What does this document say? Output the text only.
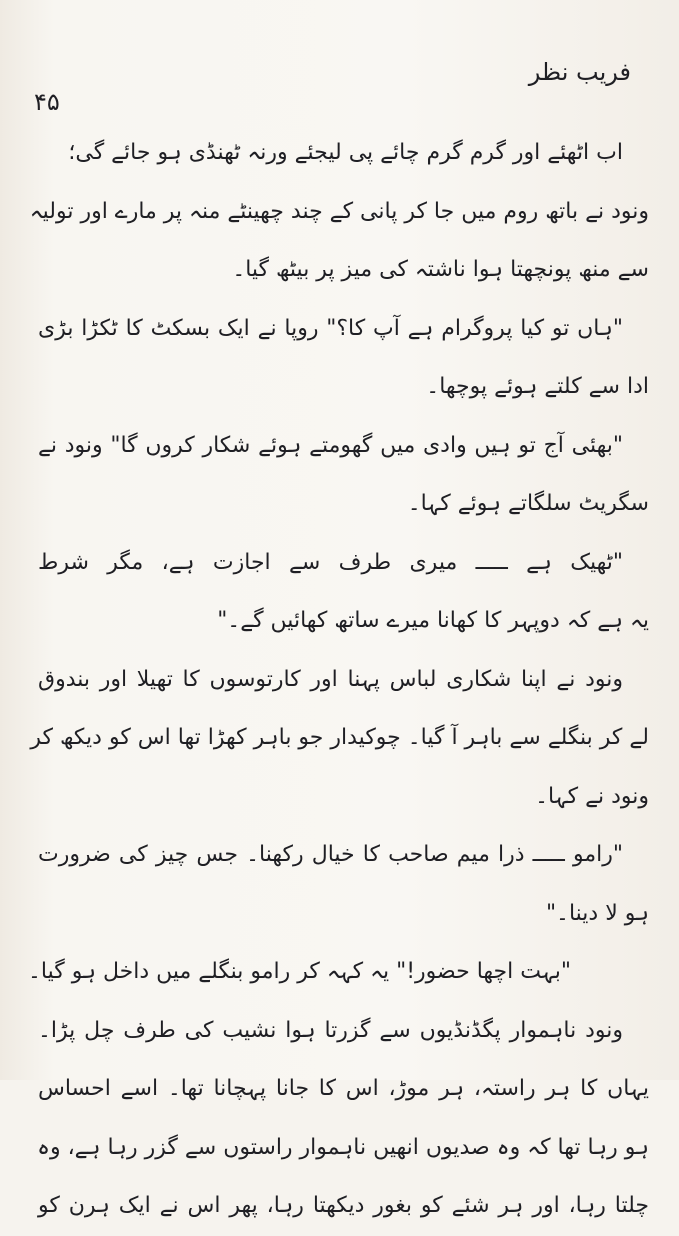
فریب نظر
۴۵
اب اٹھئے اور گرم گرم چائے پی لیجئے ورنہ ٹھنڈی ہو جائے گی؛
ونود نے باتھ روم میں جا کر پانی کے چند چھینٹے منہ پر مارے اور تولیہ
سے منھ پونچھتا ہوا ناشتہ کی میز پر بیٹھ گیا۔
"ہاں تو کیا پروگرام ہے آپ کا؟" روپا نے ایک بسکٹ کا ٹکڑا بڑی
ادا سے کلتے ہوئے پوچھا۔
"بھئی آج تو ہیں وادی میں گھومتے ہوئے شکار کروں گا" ونود نے
سگریٹ سلگاتے ہوئے کہا۔
"ٹھیک ہے ـــــ میری طرف سے اجازت ہے، مگر شرط
یہ ہے کہ دوپہر کا کھانا میرے ساتھ کھائیں گے۔"
ونود نے اپنا شکاری لباس پہنا اور کارتوسوں کا تھیلا اور بندوق
لے کر بنگلے سے باہر آ گیا۔ چوکیدار جو باہر کھڑا تھا اس کو دیکھ کر
ونود نے کہا۔
"رامو ـــــ ذرا میم صاحب کا خیال رکھنا۔ جس چیز کی ضرورت
ہو لا دینا۔"
"بہت اچھا حضور!" یہ کہہ کر رامو بنگلے میں داخل ہو گیا۔
ونود ناہموار پگڈنڈیوں سے گزرتا ہوا نشیب کی طرف چل پڑا۔
یہاں کا ہر راستہ، ہر موڑ، اس کا جانا پہچانا تھا۔ اسے احساس
ہو رہا تھا کہ وہ صدیوں انھیں ناہموار راستوں سے گزر رہا ہے، وہ
چلتا رہا، اور ہر شئے کو بغور دیکھتا رہا، پھر اس نے ایک ہرن کو
